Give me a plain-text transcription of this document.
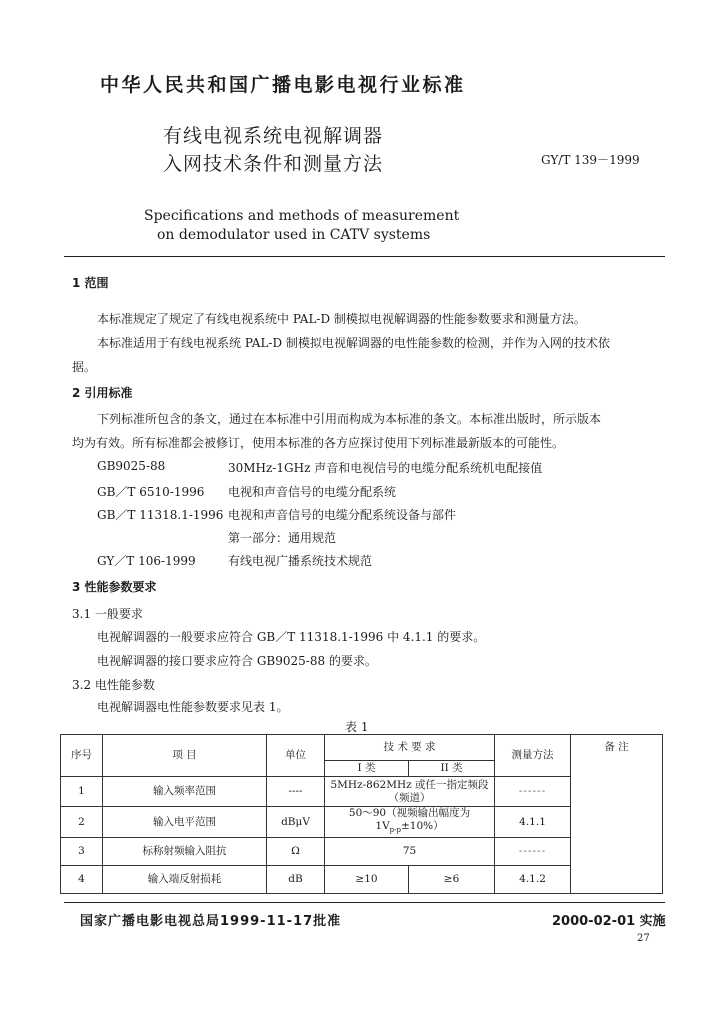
中华人民共和国广播电影电视行业标准
有线电视系统电视解调器
入网技术条件和测量方法	GY/T 139－1999
Specifications and methods of measurement
on demodulator used in CATV systems
1 范围
本标准规定了规定了有线电视系统中 PAL-D 制模拟电视解调器的性能参数要求和测量方法。
本标准适用于有线电视系统 PAL-D 制模拟电视解调器的电性能参数的检测，并作为入网的技术依
据。
2 引用标准
下列标准所包含的条文，通过在本标准中引用而构成为本标准的条文。本标准出版时，所示版本
均为有效。所有标准都会被修订，使用本标准的各方应探讨使用下列标准最新版本的可能性。
GB9025-88	30MHz-1GHz 声音和电视信号的电缆分配系统机电配接值
GB／T 6510-1996 电视和声音信号的电缆分配系统
GB／T 11318.1-1996 电视和声音信号的电缆分配系统设备与部件
第一部分：通用规范
GY／T 106-1999	有线电视广播系统技术规范
3 性能参数要求
3.1 一般要求
电视解调器的一般要求应符合 GB／T 11318.1-1996 中 4.1.1 的要求。
电视解调器的接口要求应符合 GB9025-88 的要求。
3.2 电性能参数
电视解调器电性能参数要求见表 1。
表 1
序号	项 目	单位	技 术 要 求		测量方法	备 注
			I 类	II 类		
1	输入频率范围	----	5MHz-862MHz 或任一指定频段
（频道）		------	
2	输入电平范围	dBμV	50～90（视频输出幅度为
$1V_{p-p}\pm 10\%$）		4.1.1	
3	标称射频输入阻抗	Ω	75		------	
4	输入端反射损耗	dB	≥10	≥6	4.1.2	
国家广播电影电视总局1999-11-17批准	2000-02-01 实施
27
